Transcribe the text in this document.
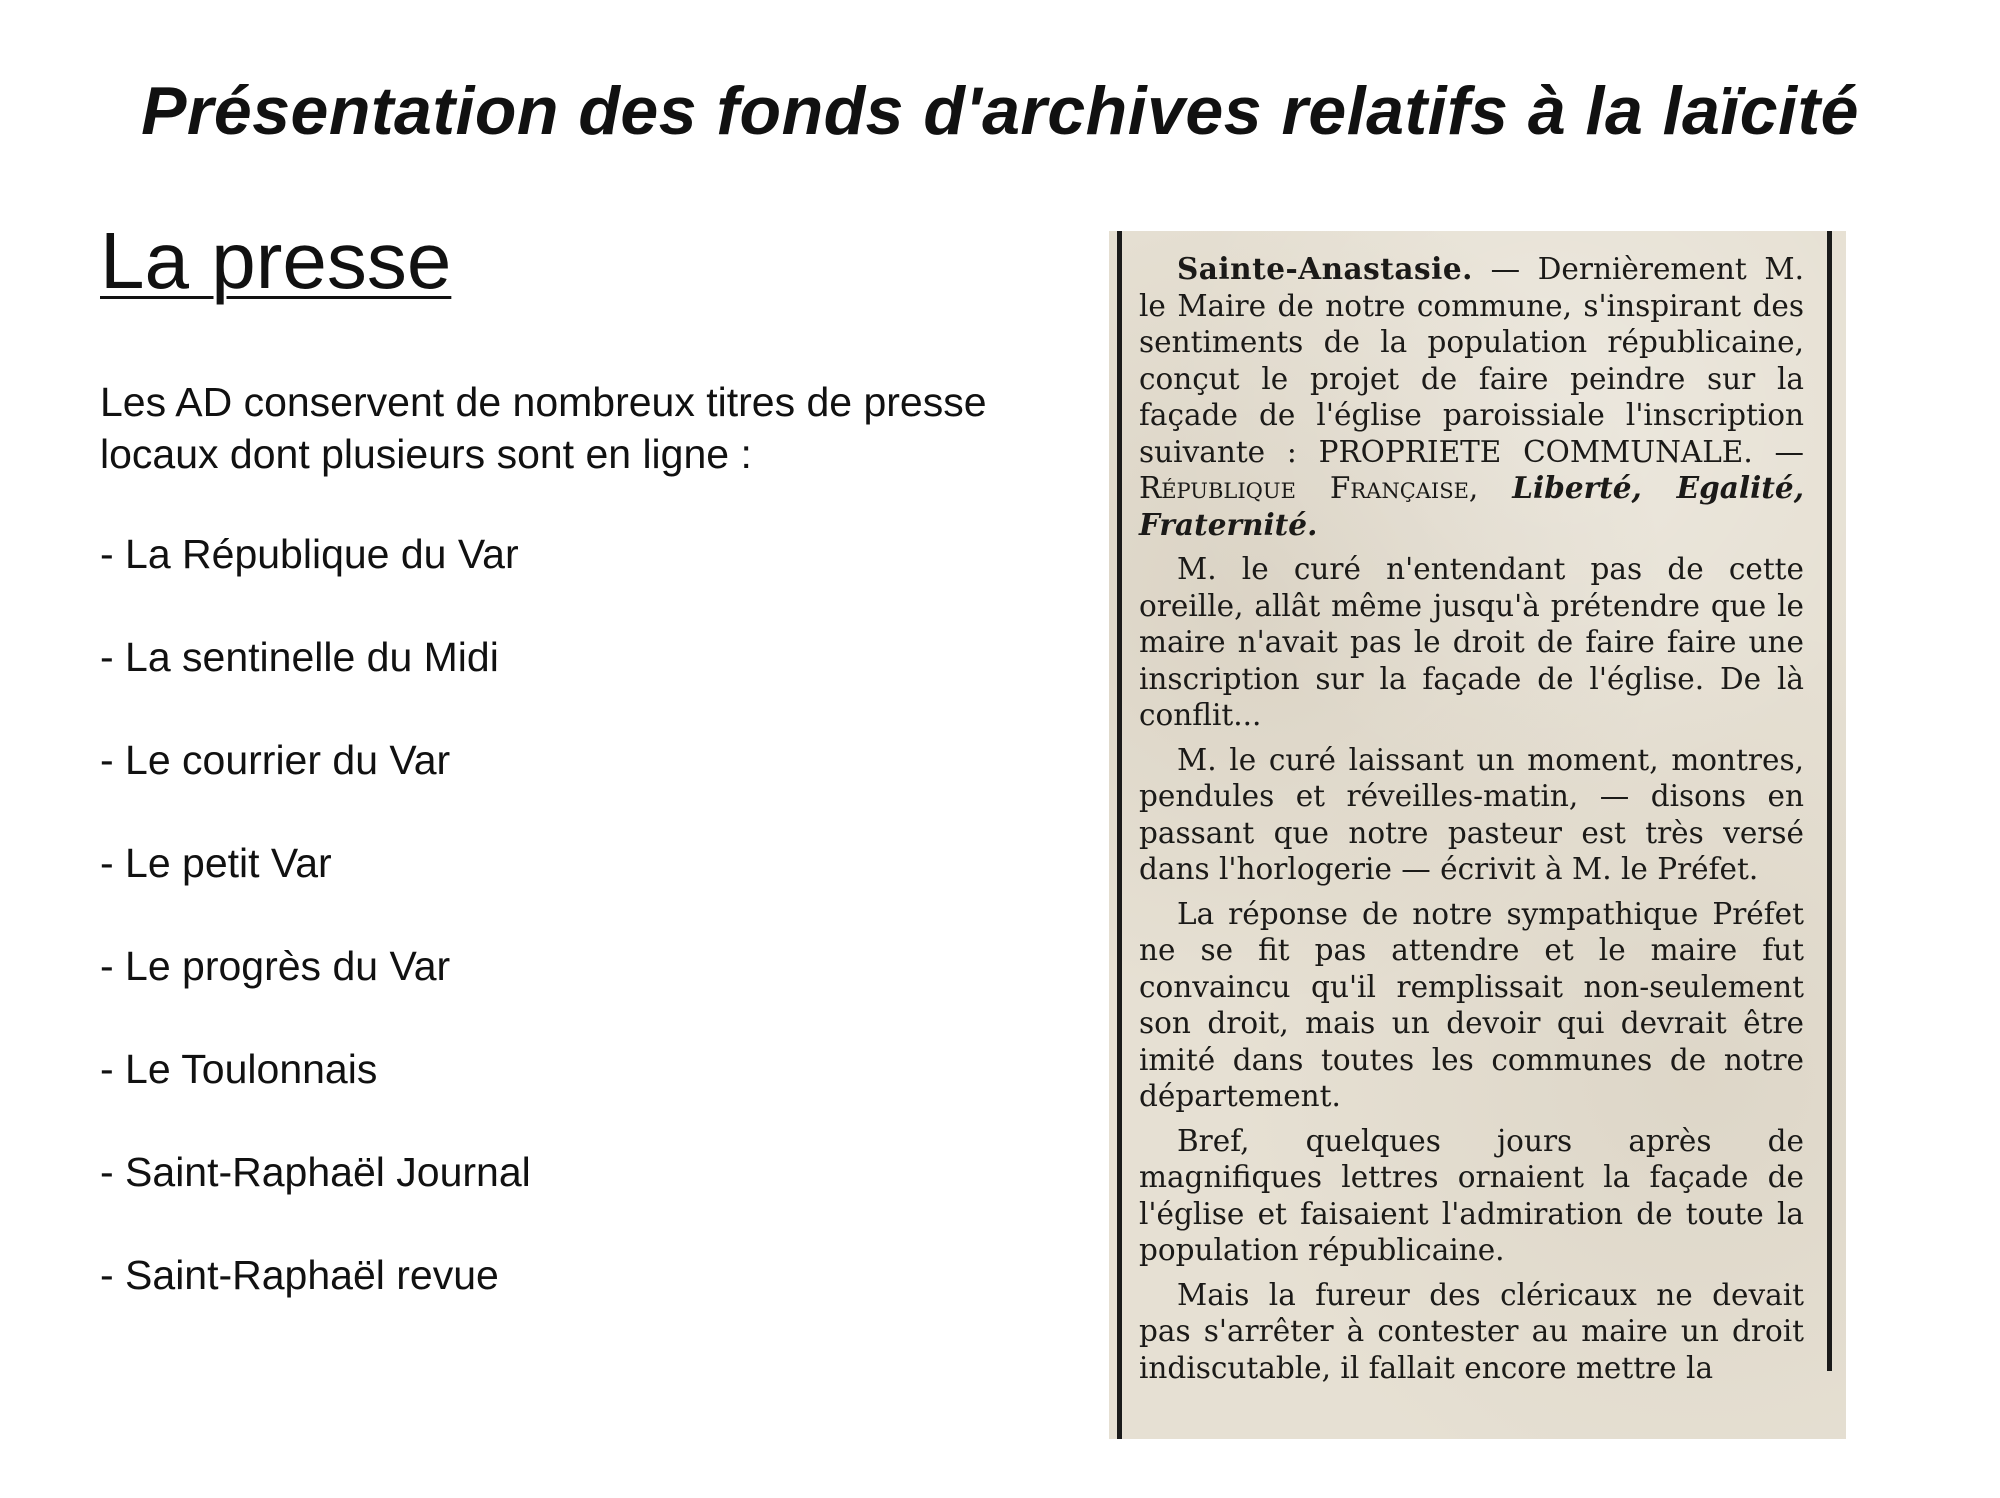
Présentation des fonds d'archives relatifs à la laïcité
La presse

Les AD conservent de nombreux titres de presse locaux dont plusieurs sont en ligne :

- La République du Var
- La sentinelle du Midi
- Le courrier du Var
- Le petit Var
- Le progrès du Var
- Le Toulonnais
- Saint-Raphaël Journal
- Saint-Raphaël revue

Sainte-Anastasie. — Dernièrement M. le Maire de notre commune, s'inspirant des sentiments de la population républicaine, conçut le projet de faire peindre sur la façade de l'église paroissiale l'inscription suivante : PROPRIETE COMMUNALE. — République Française, Liberté, Egalité, Fraternité.

M. le curé n'entendant pas de cette oreille, allât même jusqu'à prétendre que le maire n'avait pas le droit de faire faire une inscription sur la façade de l'église. De là conflit...

M. le curé laissant un moment, montres, pendules et réveilles-matin, — disons en passant que notre pasteur est très versé dans l'horlogerie — écrivit à M. le Préfet.

La réponse de notre sympathique Préfet ne se fit pas attendre et le maire fut convaincu qu'il remplissait non-seulement son droit, mais un devoir qui devrait être imité dans toutes les communes de notre département.

Bref, quelques jours après de magnifiques lettres ornaient la façade de l'église et faisaient l'admiration de toute la population républicaine.

Mais la fureur des cléricaux ne devait pas s'arrêter à contester au maire un droit indiscutable, il fallait encore mettre la
